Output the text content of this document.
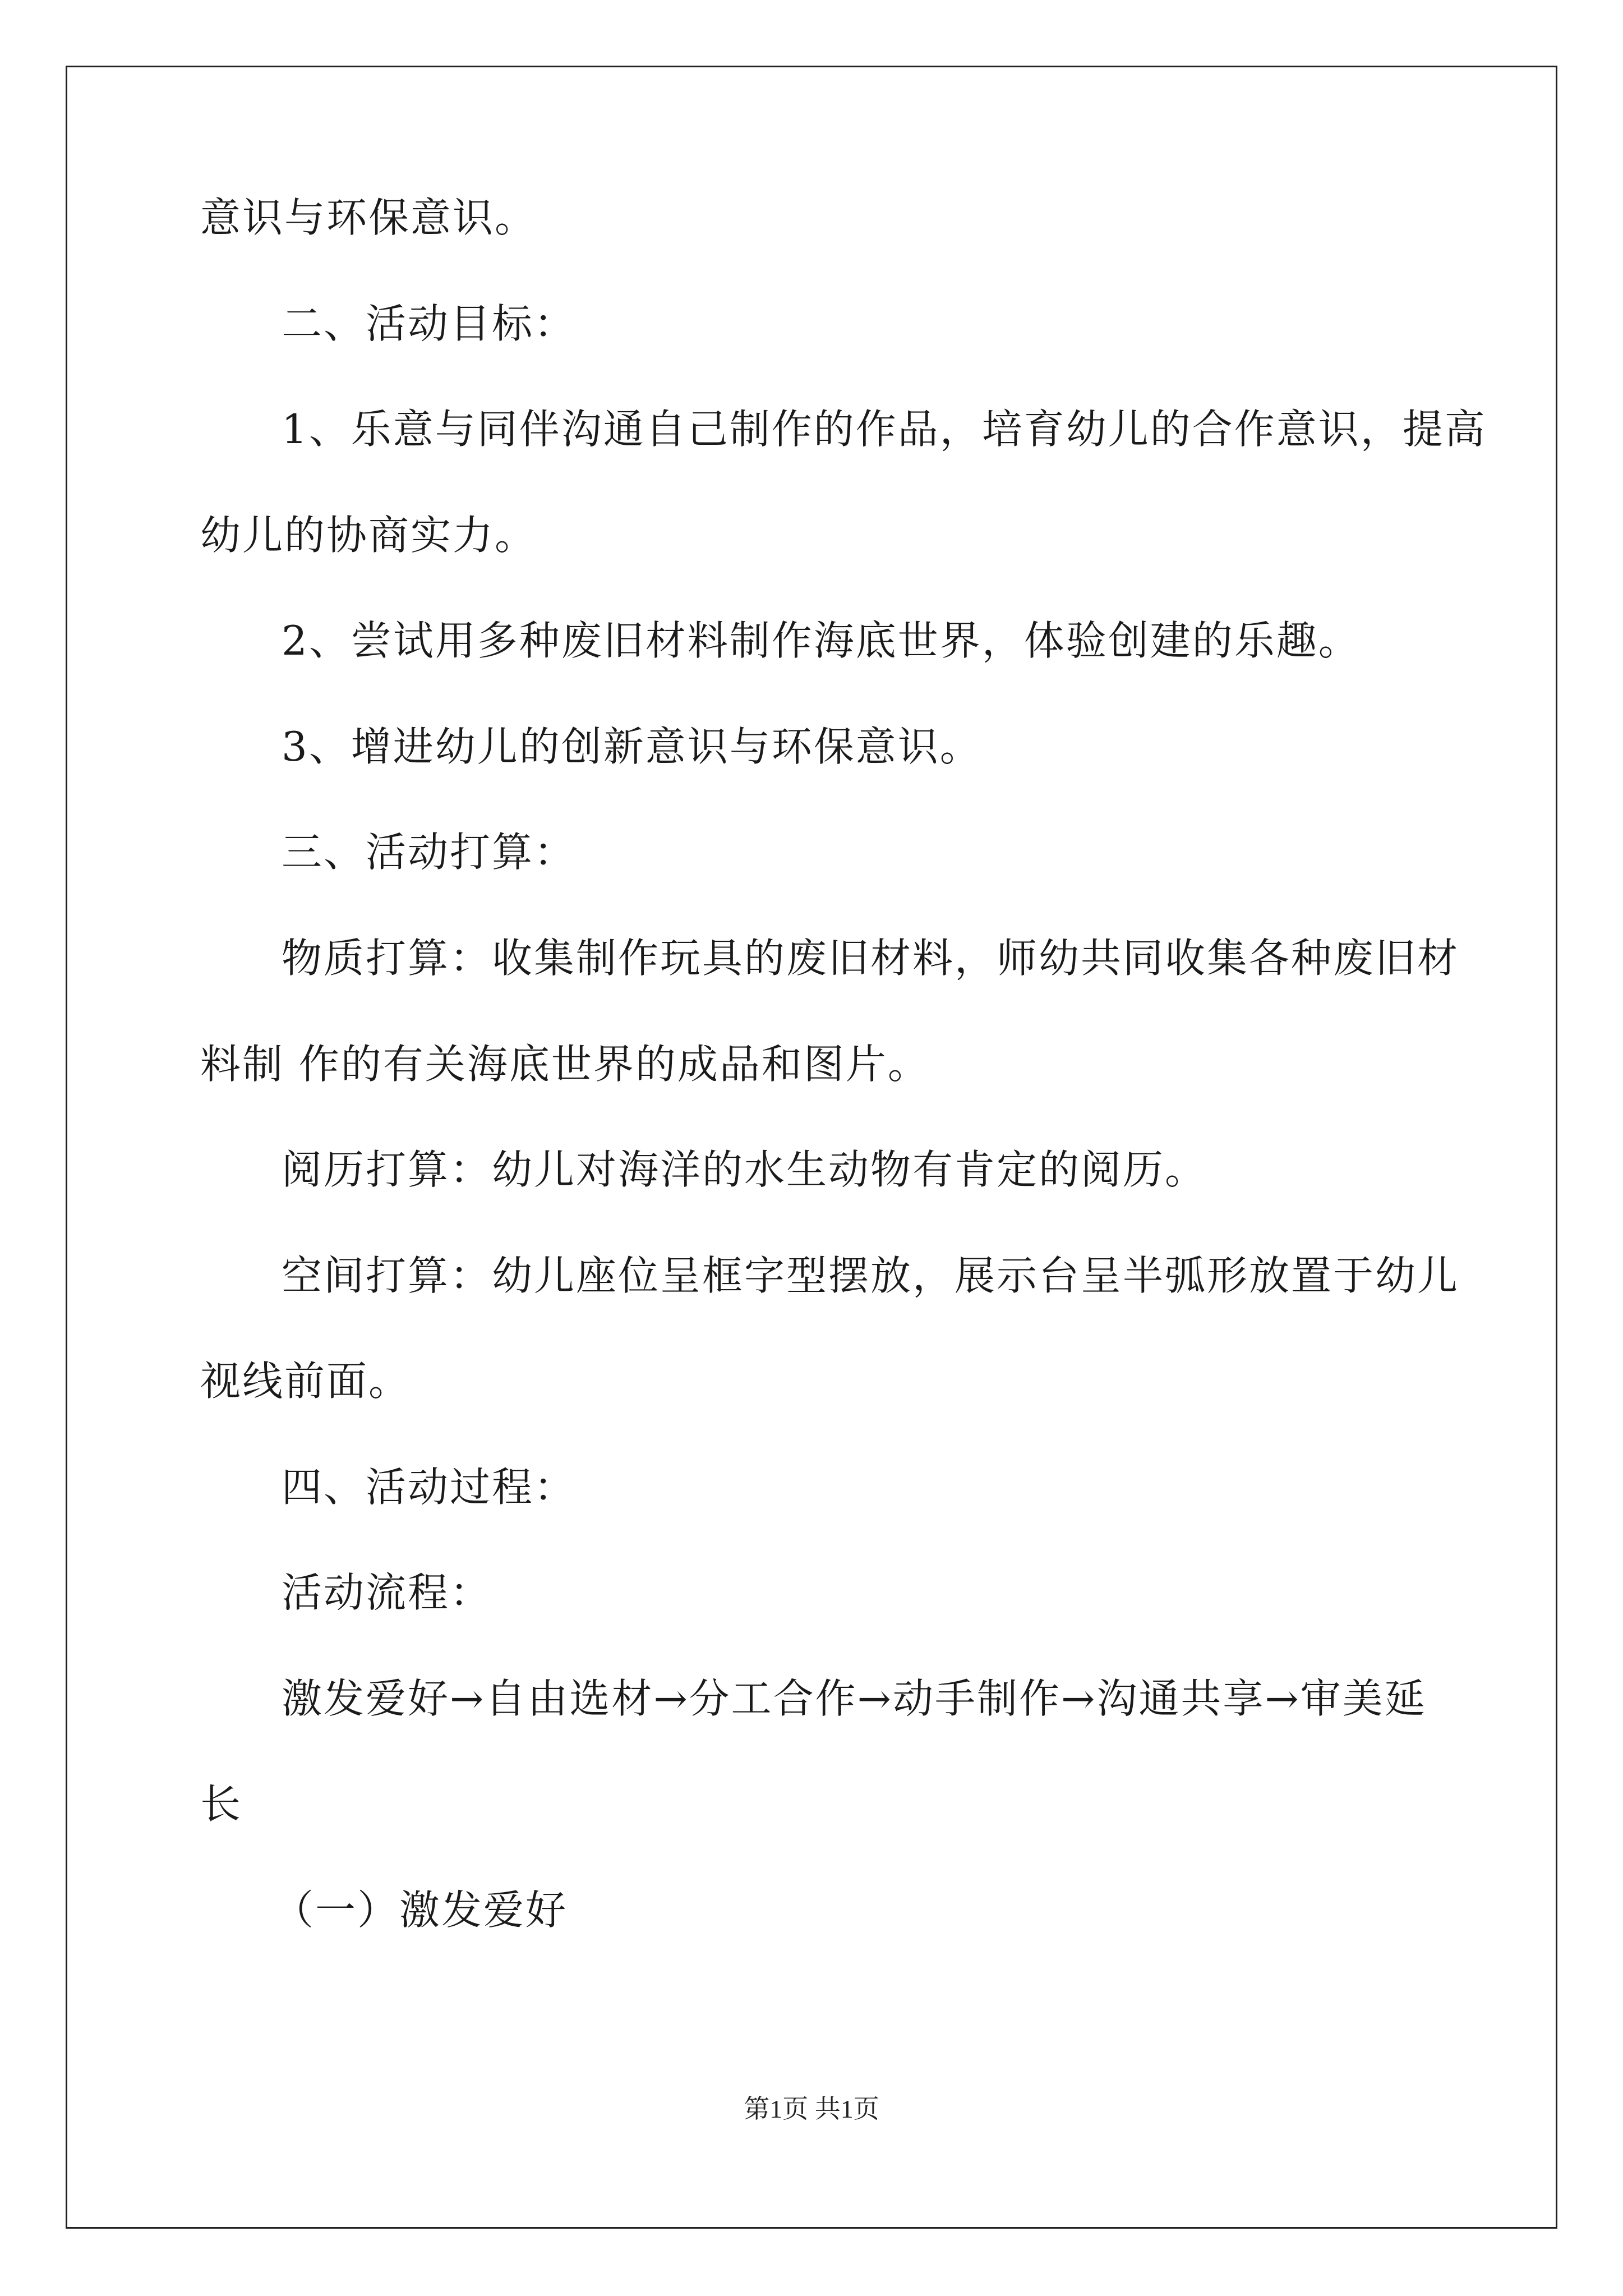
意识与环保意识。
二、活动目标：
1、乐意与同伴沟通自己制作的作品，培育幼儿的合作意识，提高
幼儿的协商实力。
2、尝试用多种废旧材料制作海底世界，体验创建的乐趣。
3、增进幼儿的创新意识与环保意识。
三、活动打算：
物质打算：收集制作玩具的废旧材料，师幼共同收集各种废旧材
料制 作的有关海底世界的成品和图片。
阅历打算：幼儿对海洋的水生动物有肯定的阅历。
空间打算：幼儿座位呈框字型摆放，展示台呈半弧形放置于幼儿
视线前面。
四、活动过程：
活动流程：
激发爱好→自由选材→分工合作→动手制作→沟通共享→审美延
长
（一）激发爱好
第1页 共1页
